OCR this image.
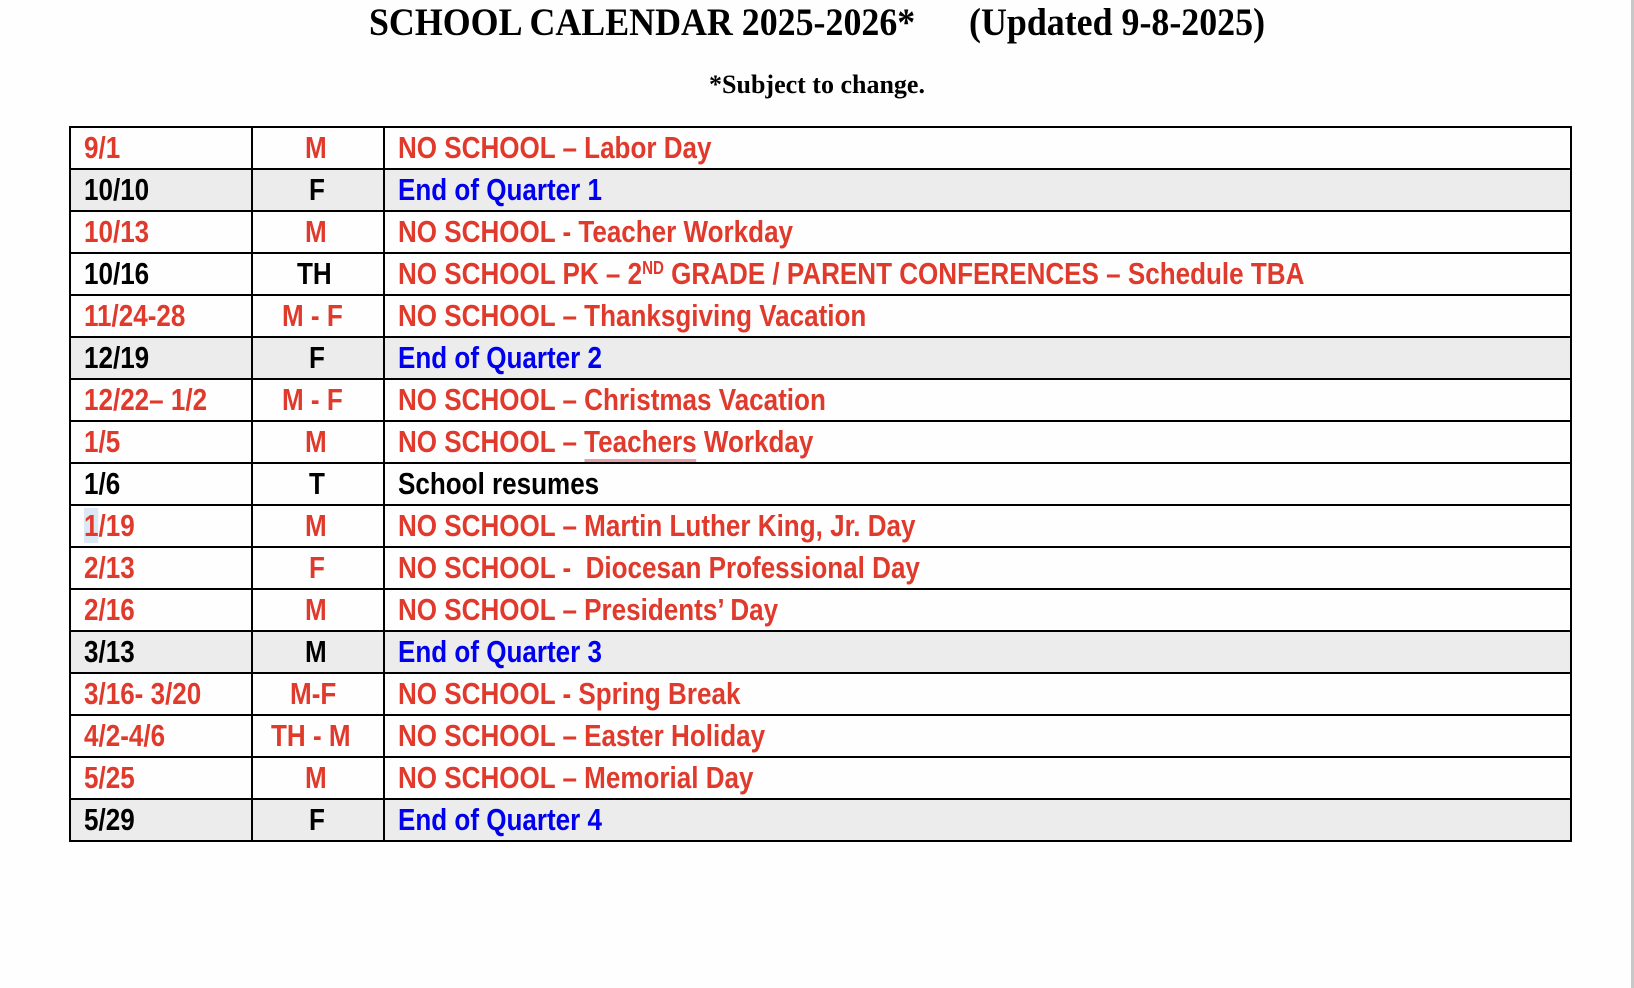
SCHOOL CALENDAR 2025-2026*      (Updated 9-8-2025)
*Subject to change.
9/1	M	NO SCHOOL – Labor Day
10/10	F	End of Quarter 1
10/13	M	NO SCHOOL - Teacher Workday
10/16	TH	NO SCHOOL PK – 2ND GRADE / PARENT CONFERENCES – Schedule TBA
11/24-28	M - F	NO SCHOOL – Thanksgiving Vacation
12/19	F	End of Quarter 2
12/22– 1/2	M - F	NO SCHOOL – Christmas Vacation
1/5	M	NO SCHOOL – Teachers Workday
1/6	T	School resumes
1/19	M	NO SCHOOL – Martin Luther King, Jr. Day
2/13	F	NO SCHOOL -  Diocesan Professional Day
2/16	M	NO SCHOOL – Presidents’ Day
3/13	M	End of Quarter 3
3/16- 3/20	M-F	NO SCHOOL - Spring Break
4/2-4/6	TH - M	NO SCHOOL – Easter Holiday
5/25	M	NO SCHOOL – Memorial Day
5/29	F	End of Quarter 4
